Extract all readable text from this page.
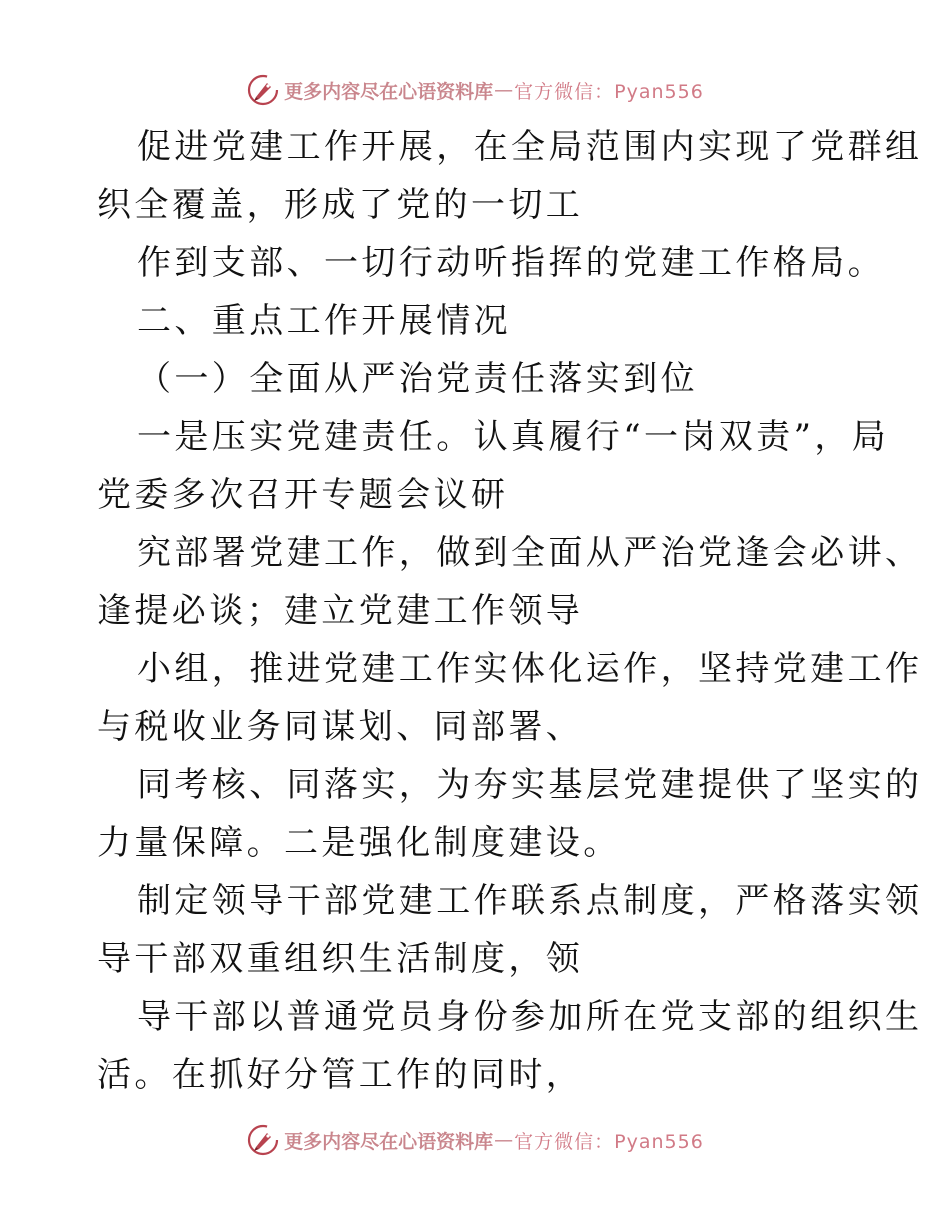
更多内容尽在心语资料库 — 官方微信：Pyan556
促进党建工作开展，在全局范围内实现了党群组
织全覆盖，形成了党的一切工
作到支部、一切行动听指挥的党建工作格局。
二、重点工作开展情况
（一）全面从严治党责任落实到位
一是压实党建责任。认真履行“一岗双责”，局
党委多次召开专题会议研
究部署党建工作，做到全面从严治党逢会必讲、
逢提必谈；建立党建工作领导
小组，推进党建工作实体化运作，坚持党建工作
与税收业务同谋划、同部署、
同考核、同落实，为夯实基层党建提供了坚实的
力量保障。二是强化制度建设。
制定领导干部党建工作联系点制度，严格落实领
导干部双重组织生活制度，领
导干部以普通党员身份参加所在党支部的组织生
活。在抓好分管工作的同时，
更多内容尽在心语资料库 — 官方微信：Pyan556
